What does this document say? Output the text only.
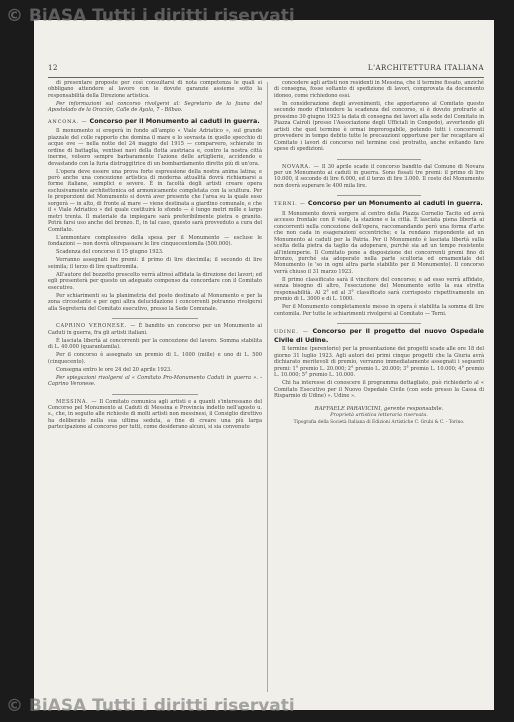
© BiASA Tutti i diritti riservati
12	L'ARCHITETTURA ITALIANA

di presentare proposte per così consultarsi di nota competenza le quali si obbligano attendere al lavoro con le dovute garanzie assieme sotto la responsabilità della Direzione artistica.

Per informazioni sul concorso rivolgersi al: Segretario de la fauna del Apostolado de la Oración, Calle de Ayala, 7 - Bilbao.

ANCONA. — Concorso per il Monumento ai caduti in guerra.

Il monumento si eregerà in fondo all'ampio « Viale Adriatico », sul grande piazzale del colle rapporto che domina il mare e lo sovrasta in quello specchio di acque ove — nella notte del 24 maggio del 1915 — comparvero, schierate in ordine di battaglia, ventisei navi della flotta austriaca e, contro la nostra città inerme, volsero sempre barbaramente l'azione delle artiglierie, accidendo e devastando con la furia distruggitrice di un bombardamento diretto più di un'ora.

L'opera deve essere una prova forte espressione della nostra anima latina; e però anche una concezione artistica di moderna attualità dovrà richiamarsi a forme italiane, semplici e severe. È in facoltà degli artisti creare opera esclusivamente architettonica od armonicamente completata con la scultura. Per le proporzioni del Monumento si dovrà aver presente che l'area su la quale esso sorgerà — in alto, di fronte al mare — viene destinata a giardino comunale, e che il « Viale Adriatico » del quale costituirà lo sfondo — è lungo metri mille e largo metri trenta. Il materiale da impiegare sarà preferibilmente pietra o granito. Potrà farsi uso anche del bronzo. E, in tal caso, questo sarà provveduto a cura del Comitato.

L'ammontare complessivo della spesa per il Monumento — escluse le fondazioni — non dovrà oltrepassare le lire cinquecentomila (500.000).

Scadenza del concorso il 15 giugno 1923.

Verranno assegnati tre premi: il primo di lire diecimila; il secondo di lire seimila; il terzo di lire quattromila.

All'autore del bozzetto prescelto verrà altresì affidata la direzione dei lavori; ed egli presenterà per questo un adeguato compenso da concordare con il Comitato esecutivo.

Per schiarimenti su la planimetria del posto destinato al Monumento e per la zona circostante e per ogni altra delucidazione i concorrenti potranno rivolgersi alla Segreteria del Comitato esecutivo, presso la Sede Comunale.

CAPRINO VERONESE. — È bandito un concorso per un Monumento ai Caduti in guerra, fra gli artisti italiani.

È lasciata libertà ai concorrenti per la concezione del lavoro. Somma stabilita di L. 40.000 (quarantamila).

Per il concorso è assegnato un premio di L. 1000 (mille) e uno di L. 500 (cinquecento).

Consegna entro le ore 24 del 20 aprile 1923.

Per spiegazioni rivolgersi al « Comitato Pro-Monumento Caduti in guerra ». - Caprino Veronese.

MESSINA. — Il Comitato comunica agli artisti e a quanti s'interessano del Concorso pel Monumento ai Caduti di Messina e Provincia indetto nell'agosto u. s., che, in seguito alle richieste di molti artisti non messinesi, il Consiglio direttivo ha deliberato nella sua ultima seduta, a fine di creare una più larga partecipazione al concorso per tutti, come desiderano alcuni, si sia convenuto

concedere agli artisti non residenti in Messina, che il termine fissato, anziché di consegna, fosse soltanto di spedizione di lavori, comprovata da documento idoneo, come richiedono essi.

In considerazione degli avvenimenti, che apportarono al Comitato questo secondo modo d'intendere la scadenza del concorso, si è dovuto protrarlo al prossimo 30 giugno 1923 la data di consegna dei lavori alla sede del Comitato in Piazza Cairoli (presso l'Associazione degli Ufficiali in Congedo), avvertendo gli artisti che quel termine è ormai improrogabile, potendo tutti i concorrenti provvedere in tempo debito tutte le precauzioni opportune per far recapitare al Comitato i lavori di concorso nel termine così protratto, anche evitando fare spese di spedizioni.

NOVARA. — Il 30 aprile scade il concorso bandito dal Comune di Novara per un Monumento ai caduti in guerra. Sono fissati tre premi: il primo di lire 10.000, il secondo di lire 6.000, ed il terzo di lire 3.000. Il costo del Monumento non dovrà superare le 400 mila lire.

TERNI. — Concorso per un Monumento ai caduti in guerra.

Il Monumento dovrà sorgere al centro della Piazza Cornelio Tacito ed avrà accesso frontale con il viale, la stazione e la città. È lasciata piena libertà ai concorrenti nella concezione dell'opera, raccomandando però una forma d'arte che non cada in esagerazioni eccentriche; e la rendano rispondente ad un Monumento ai caduti per la Patria. Per il Monumento è lasciata libertà sulla scelta della pietra da taglio da adoperare, purchè sia ad un tempo resistente all'intemperie. Il Comitato pone a disposizione dei concorrenti premi fino di bronzo, purché sia adoperato nella parte scultoria ed ornamentale del Monumento (e 'so in ogni altra parte stabilito per il Monumento). Il concorso verrà chiuso il 31 marzo 1923.

Il primo classificato sarà il vincitore del concorso; e ad esso verrà affidato, senza bisogno di altro, l'esecuzione del Monumento sotto la sua stretta responsabilità. Al 2° ed al 3° classificato sarà corrisposto rispettivamente un premio di L. 3000 e di L. 1000.

Per il Monumento completamente messo in opera è stabilita la somma di lire centomila. Per tutte le schiarimenti rivolgersi al Comitato — Terni.

UDINE. — Concorso per il progetto del nuovo Ospedale Civile di Udine.

Il termine (perentorio) per la presentazione dei progetti scade alle ore 18 del giorno 31 luglio 1923. Agli autori dei primi cinque progetti che la Giuria avrà dichiarato meritevoli di premio, verranno immediatamente assegnati i seguenti premi: 1° premio L. 20.000; 2° premio L. 20.000; 3° premio L. 10.000; 4° premio L. 10.000; 5° premio L. 10.000.

Chi ha interesse di conoscere il programma dettagliato, può richiederlo al « Comitato Esecutivo per il Nuovo Ospedale Civile (con sede presso la Cassa di Risparmio di Udine) ». Udine ».

RAFFAELE PARAVICINI, gerente responsabile.
Proprietà artistica letteraria riservata.
Tipografia della Società Italiana di Edizioni Artistiche C. Grubi & C. - Torino.
© BiASA Tutti i diritti riservati
